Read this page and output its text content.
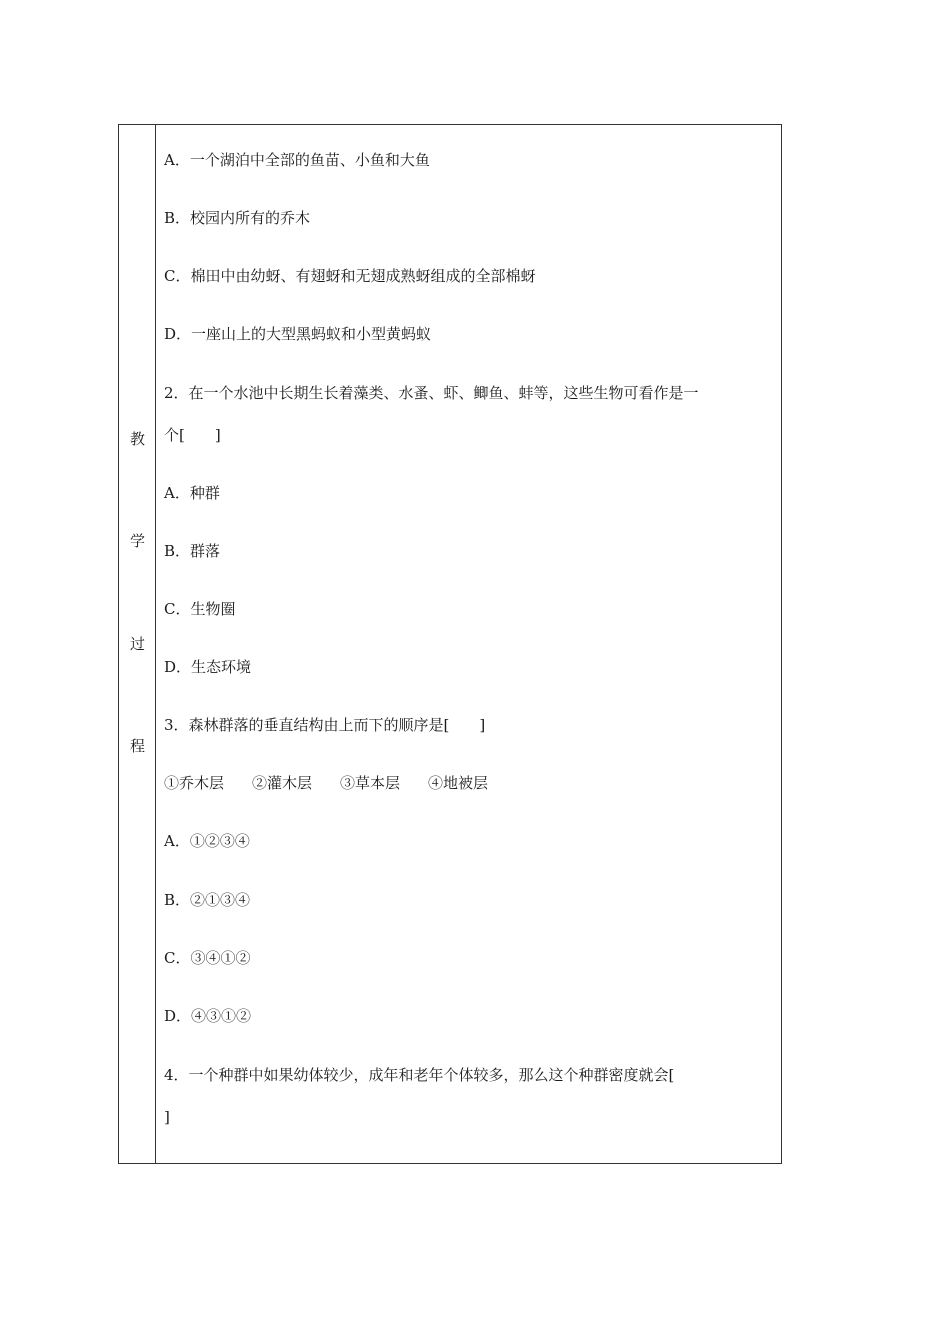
教
学
过
程
A．一个湖泊中全部的鱼苗、小鱼和大鱼
B．校园内所有的乔木
C．棉田中由幼蚜、有翅蚜和无翅成熟蚜组成的全部棉蚜
D．一座山上的大型黑蚂蚁和小型黄蚂蚁
2．在一个水池中长期生长着藻类、水蚤、虾、鲫鱼、蚌等，这些生物可看作是一
个[　　]
A．种群
B．群落
C．生物圈
D．生态环境
3．森林群落的垂直结构由上而下的顺序是[　　]
①乔木层 ②灌木层 ③草本层 ④地被层
A．①②③④
B．②①③④
C．③④①②
D．④③①②
4．一个种群中如果幼体较少，成年和老年个体较多，那么这个种群密度就会[
]
